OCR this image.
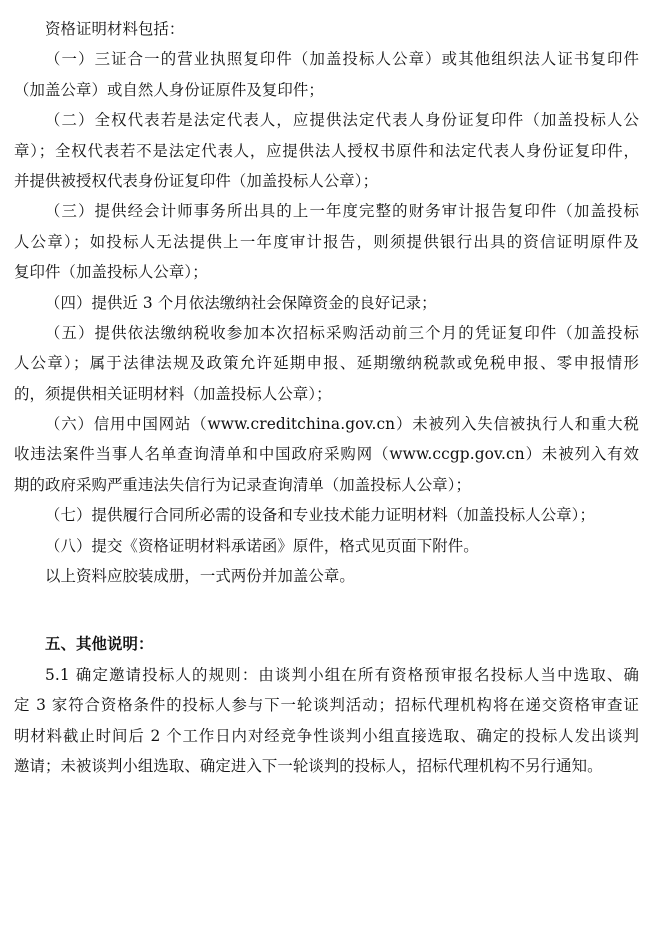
资格证明材料包括：
（一）三证合一的营业执照复印件（加盖投标人公章）或其他组织法人证书复印件
（加盖公章）或自然人身份证原件及复印件；
（二）全权代表若是法定代表人，应提供法定代表人身份证复印件（加盖投标人公
章）；全权代表若不是法定代表人，应提供法人授权书原件和法定代表人身份证复印件，
并提供被授权代表身份证复印件（加盖投标人公章）；
（三）提供经会计师事务所出具的上一年度完整的财务审计报告复印件（加盖投标
人公章）；如投标人无法提供上一年度审计报告，则须提供银行出具的资信证明原件及
复印件（加盖投标人公章）；
（四）提供近 3 个月依法缴纳社会保障资金的良好记录；
（五）提供依法缴纳税收参加本次招标采购活动前三个月的凭证复印件（加盖投标
人公章）；属于法律法规及政策允许延期申报、延期缴纳税款或免税申报、零申报情形
的，须提供相关证明材料（加盖投标人公章）；
（六）信用中国网站（www.creditchina.gov.cn）未被列入失信被执行人和重大税
收违法案件当事人名单查询清单和中国政府采购网（www.ccgp.gov.cn）未被列入有效
期的政府采购严重违法失信行为记录查询清单（加盖投标人公章）；
（七）提供履行合同所必需的设备和专业技术能力证明材料（加盖投标人公章）；
（八）提交《资格证明材料承诺函》原件，格式见页面下附件。
以上资料应胶装成册，一式两份并加盖公章。
五、其他说明：
5.1 确定邀请投标人的规则：由谈判小组在所有资格预审报名投标人当中选取、确
定 3 家符合资格条件的投标人参与下一轮谈判活动；招标代理机构将在递交资格审查证
明材料截止时间后 2 个工作日内对经竞争性谈判小组直接选取、确定的投标人发出谈判
邀请；未被谈判小组选取、确定进入下一轮谈判的投标人，招标代理机构不另行通知。
